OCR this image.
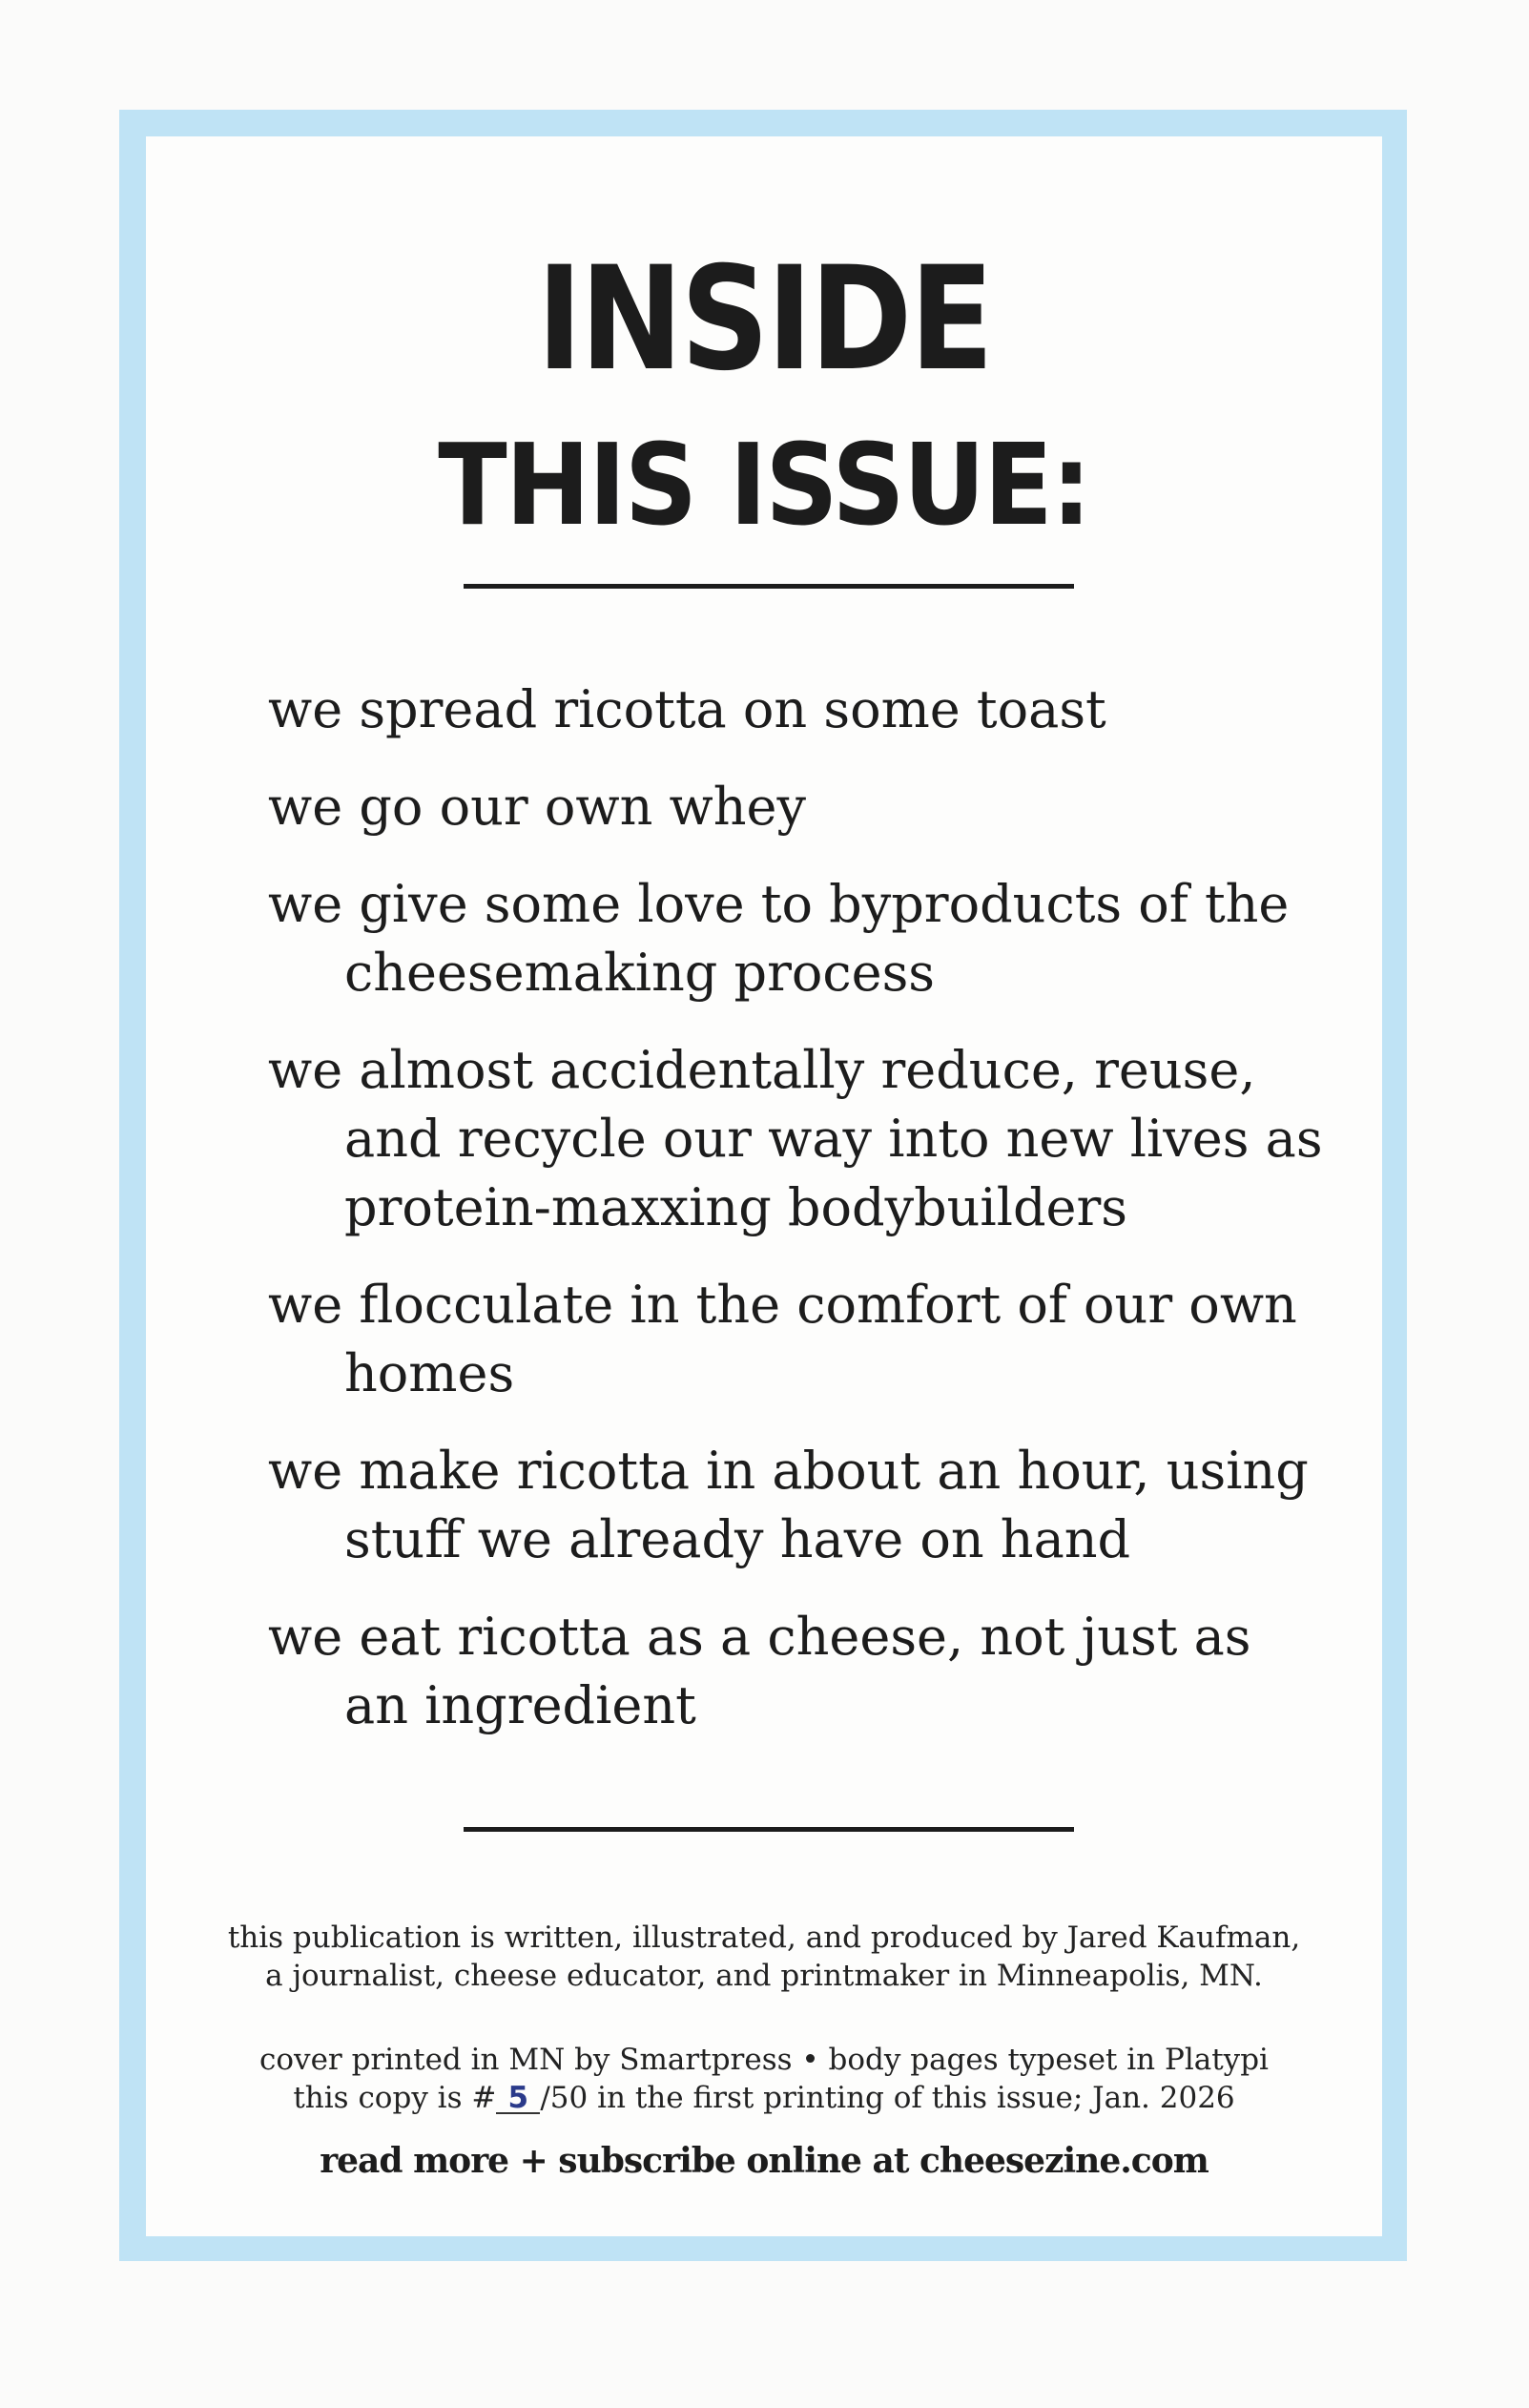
INSIDE
THIS ISSUE:
we spread ricotta on some toast
we go our own whey
we give some love to byproducts of the cheesemaking process
we almost accidentally reduce, reuse, and recycle our way into new lives as protein-maxxing bodybuilders
we flocculate in the comfort of our own homes
we make ricotta in about an hour, using stuff we already have on hand
we eat ricotta as a cheese, not just as an ingredient

this publication is written, illustrated, and produced by Jared Kaufman,

a journalist, cheese educator, and printmaker in Minneapolis, MN.

cover printed in MN by Smartpress • body pages typeset in Platypi

this copy is # 5 /50 in the first printing of this issue; Jan. 2026

read more + subscribe online at cheesezine.com
